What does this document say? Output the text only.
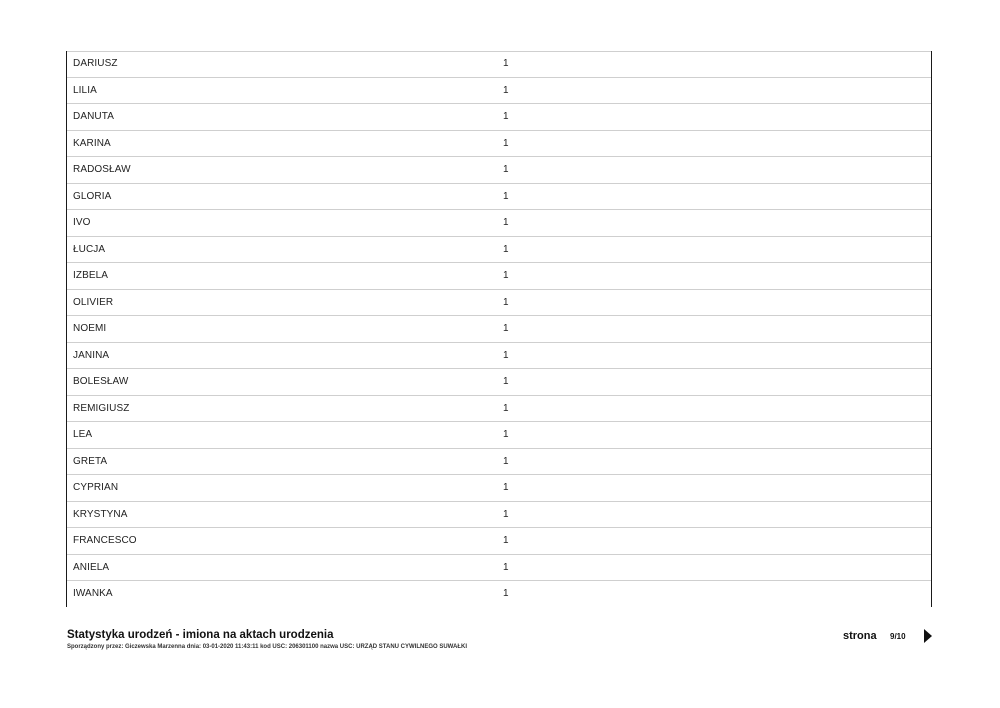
DARIUSZ	1
LILIA	1
DANUTA	1
KARINA	1
RADOSŁAW	1
GLORIA	1
IVO	1
ŁUCJA	1
IZBELA	1
OLIVIER	1
NOEMI	1
JANINA	1
BOLESŁAW	1
REMIGIUSZ	1
LEA	1
GRETA	1
CYPRIAN	1
KRYSTYNA	1
FRANCESCO	1
ANIELA	1
IWANKA	1
Statystyka urodzeń - imiona na aktach urodzenia
Sporządzony przez: Giczewska Marzenna dnia: 03-01-2020 11:43:11 kod USC: 206301100 nazwa USC: URZĄD STANU CYWILNEGO SUWAŁKI
strona 9/10
